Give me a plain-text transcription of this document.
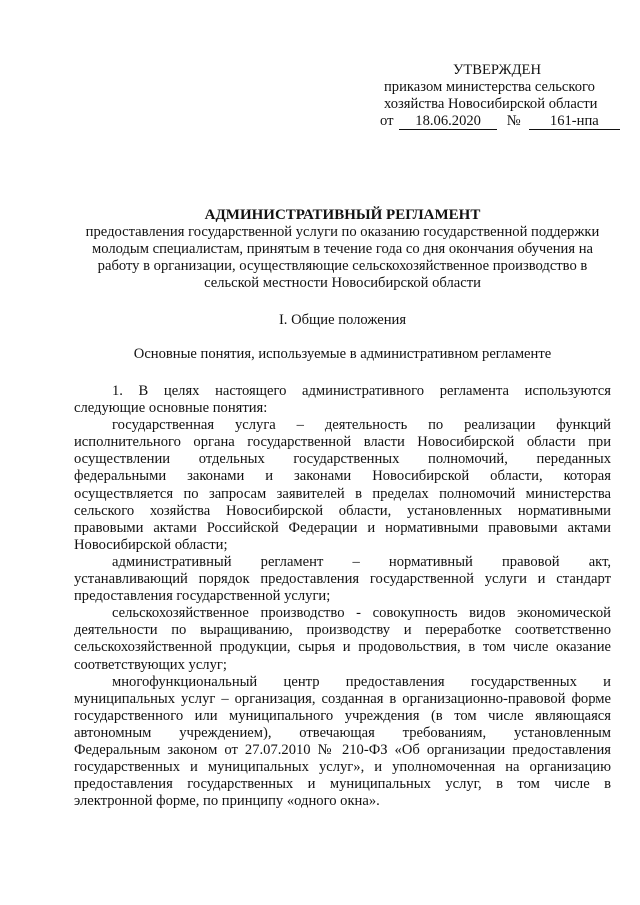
УТВЕРЖДЕН
приказом министерства сельского
хозяйства Новосибирской области
от	18.06.2020	№	161-нпа
АДМИНИСТРАТИВНЫЙ РЕГЛАМЕНТ
предоставления государственной услуги по оказанию государственной поддержки
молодым специалистам, принятым в течение года со дня окончания обучения на
работу в организации, осуществляющие сельскохозяйственное производство в
сельской местности Новосибирской области
I. Общие положения
Основные понятия, используемые в административном регламенте
1. В целях настоящего административного регламента используются
следующие основные понятия:
государственная услуга – деятельность по реализации функций
исполнительного органа государственной власти Новосибирской области при
осуществлении отдельных государственных полномочий, переданных
федеральными законами и законами Новосибирской области, которая
осуществляется по запросам заявителей в пределах полномочий министерства
сельского хозяйства Новосибирской области, установленных нормативными
правовыми актами Российской Федерации и нормативными правовыми актами
Новосибирской области;
административный регламент – нормативный правовой акт,
устанавливающий порядок предоставления государственной услуги и стандарт
предоставления государственной услуги;
сельскохозяйственное производство - совокупность видов экономической
деятельности по выращиванию, производству и переработке соответственно
сельскохозяйственной продукции, сырья и продовольствия, в том числе оказание
соответствующих услуг;
многофункциональный центр предоставления государственных и
муниципальных услуг – организация, созданная в организационно-правовой форме
государственного или муниципального учреждения (в том числе являющаяся
автономным учреждением), отвечающая требованиям, установленным
Федеральным законом от 27.07.2010 № 210-ФЗ «Об организации предоставления
государственных и муниципальных услуг», и уполномоченная на организацию
предоставления государственных и муниципальных услуг, в том числе в
электронной форме, по принципу «одного окна».
